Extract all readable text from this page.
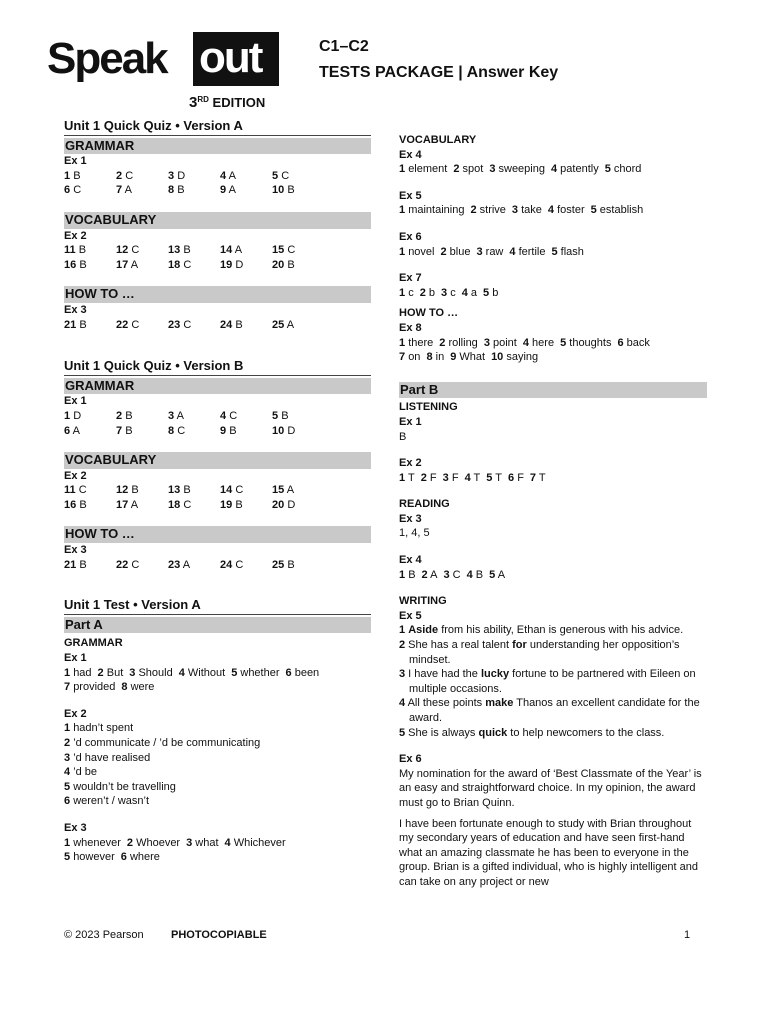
Speak out
3RD EDITION
C1–C2
TESTS PACKAGE | Answer Key
Unit 1 Quick Quiz • Version A
GRAMMAR
Ex 1
1 B	2 C	3 D	4 A	5 C
6 C	7 A	8 B	9 A	10 B
VOCABULARY
Ex 2
11 B	12 C	13 B	14 A	15 C
16 B	17 A	18 C	19 D	20 B
HOW TO …
Ex 3
21 B	22 C	23 C	24 B	25 A
Unit 1 Quick Quiz • Version B
GRAMMAR
Ex 1
1 D	2 B	3 A	4 C	5 B
6 A	7 B	8 C	9 B	10 D
VOCABULARY
Ex 2
11 C	12 B	13 B	14 C	15 A
16 B	17 A	18 C	19 B	20 D
HOW TO …
Ex 3
21 B	22 C	23 A	24 C	25 B
Unit 1 Test • Version A
Part A
GRAMMAR
Ex 1
1 had 2 But 3 Should 4 Without 5 whether 6 been
7 provided 8 were
Ex 2
1 hadn’t spent
2 ’d communicate / ’d be communicating
3 ’d have realised
4 ’d be
5 wouldn’t be travelling
6 weren’t / wasn’t
Ex 3
1 whenever 2 Whoever 3 what 4 Whichever
5 however 6 where
VOCABULARY
Ex 4
1 element 2 spot 3 sweeping 4 patently 5 chord
Ex 5
1 maintaining 2 strive 3 take 4 foster 5 establish
Ex 6
1 novel 2 blue 3 raw 4 fertile 5 flash
Ex 7
1 c 2 b 3 c 4 a 5 b
HOW TO …
Ex 8
1 there 2 rolling 3 point 4 here 5 thoughts 6 back
7 on 8 in 9 What 10 saying
Part B
LISTENING
Ex 1
B
Ex 2
1 T 2 F 3 F 4 T 5 T 6 F 7 T
READING
Ex 3
1, 4, 5
Ex 4
1 B 2 A 3 C 4 B 5 A
WRITING
Ex 5
1 Aside from his ability, Ethan is generous with his advice.
2 She has a real talent for understanding her opposition’s mindset.
3 I have had the lucky fortune to be partnered with Eileen on multiple occasions.
4 All these points make Thanos an excellent candidate for the award.
5 She is always quick to help newcomers to the class.
Ex 6

My nomination for the award of ‘Best Classmate of the Year’ is an easy and straightforward choice. In my opinion, the award must go to Brian Quinn.

I have been fortunate enough to study with Brian throughout my secondary years of education and have seen first-hand what an amazing classmate he has been to everyone in the group. Brian is a gifted individual, who is highly intelligent and can take on any project or new

© 2023 Pearson PHOTOCOPIABLE	1
